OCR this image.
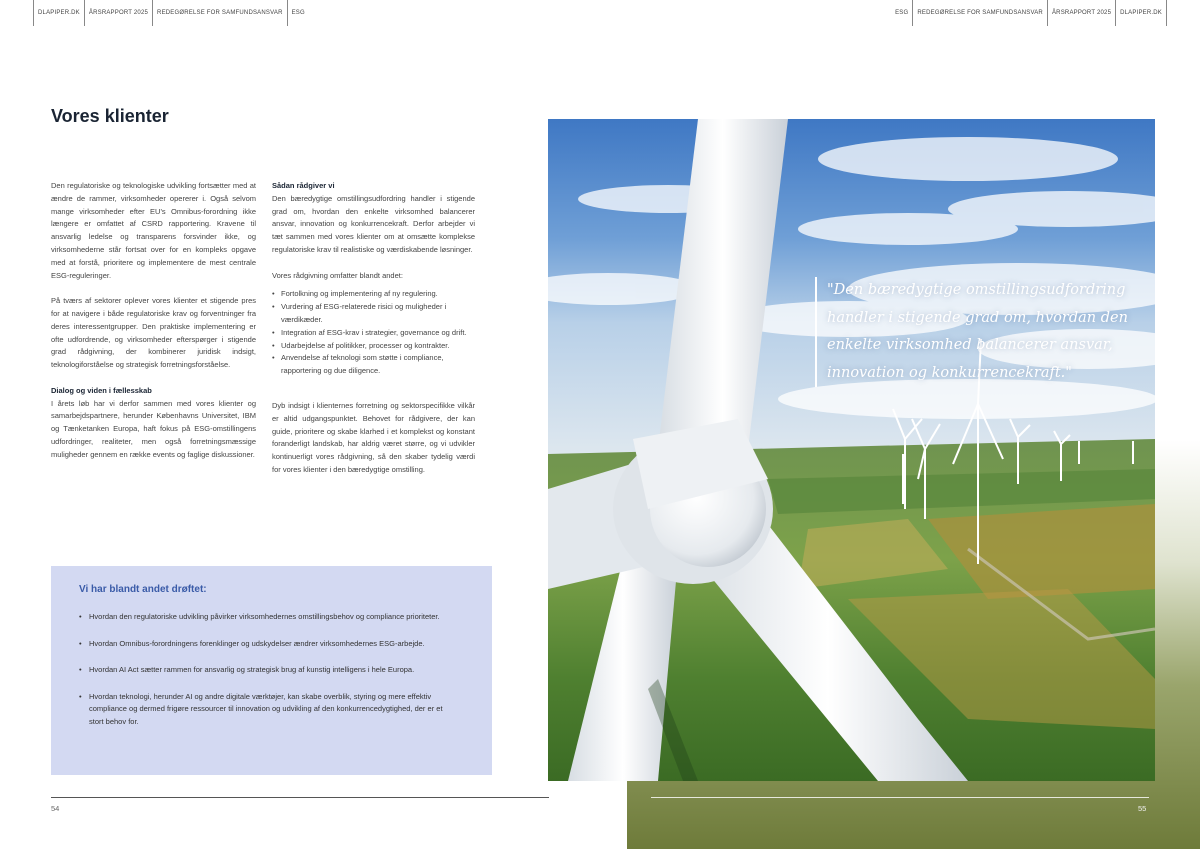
DLAPIPER.DK	ÅRSRAPPORT 2025	REDEGØRELSE FOR SAMFUNDSANSVAR	ESG	ESG	REDEGØRELSE FOR SAMFUNDSANSVAR	ÅRSRAPPORT 2025	DLAPIPER.DK
Vores klienter

Den regulatoriske og teknologiske udvikling fortsætter med at ændre de rammer, virksomheder opererer i. Også selvom mange virksomheder efter EU's Omnibus-forordning ikke længere er omfattet af CSRD rapportering. Kravene til ansvarlig ledelse og transparens forsvinder ikke, og virksomhederne står fortsat over for en kompleks opgave med at forstå, prioritere og implementere de mest centrale ESG-reguleringer.

På tværs af sektorer oplever vores klienter et stigende pres for at navigere i både regulatoriske krav og forventninger fra deres interessentgrupper. Den praktiske implementering er ofte udfordrende, og virksomheder efterspørger i stigende grad rådgivning, der kombinerer juridisk indsigt, teknologiforståelse og strategisk forretningsforståelse.

Dialog og viden i fællesskab

I årets løb har vi derfor sammen med vores klienter og samarbejdspartnere, herunder Københavns Universitet, IBM og Tænketanken Europa, haft fokus på ESG-omstillingens udfordringer, realiteter, men også forretningsmæssige muligheder gennem en række events og faglige diskussioner.

Sådan rådgiver vi

Den bæredygtige omstillingsudfordring handler i stigende grad om, hvordan den enkelte virksomhed balancerer ansvar, innovation og konkurrencekraft. Derfor arbejder vi tæt sammen med vores klienter om at omsætte komplekse regulatoriske krav til realistiske og værdiskabende løsninger.

Vores rådgivning omfatter blandt andet:

• Fortolkning og implementering af ny regulering.
• Vurdering af ESG-relaterede risici og muligheder i værdikæder.
• Integration af ESG-krav i strategier, governance og drift.
• Udarbejdelse af politikker, processer og kontrakter.
• Anvendelse af teknologi som støtte i compliance, rapportering og due diligence.

Dyb indsigt i klienternes forretning og sektorspecifikke vilkår er altid udgangspunktet. Behovet for rådgivere, der kan guide, prioritere og skabe klarhed i et komplekst og konstant foranderligt landskab, har aldrig været større, og vi udvikler kontinuerligt vores rådgivning, så den skaber tydelig værdi for vores klienter i den bæredygtige omstilling.

Vi har blandt andet drøftet:
• Hvordan den regulatoriske udvikling påvirker virksomhedernes omstillingsbehov og compliance prioriteter.
• Hvordan Omnibus-forordningens forenklinger og udskydelser ændrer virksomhedernes ESG-arbejde.
• Hvordan AI Act sætter rammen for ansvarlig og strategisk brug af kunstig intelligens i hele Europa.
• Hvordan teknologi, herunder AI og andre digitale værktøjer, kan skabe overblik, styring og mere effektiv compliance og dermed frigøre ressourcer til innovation og udvikling af den konkurrencedygtighed, der er et stort behov for.

"Den bæredygtige omstillingsudfordring handler i stigende grad om, hvordan den enkelte virksomhed balancerer ansvar, innovation og konkurrencekraft."

54	55
